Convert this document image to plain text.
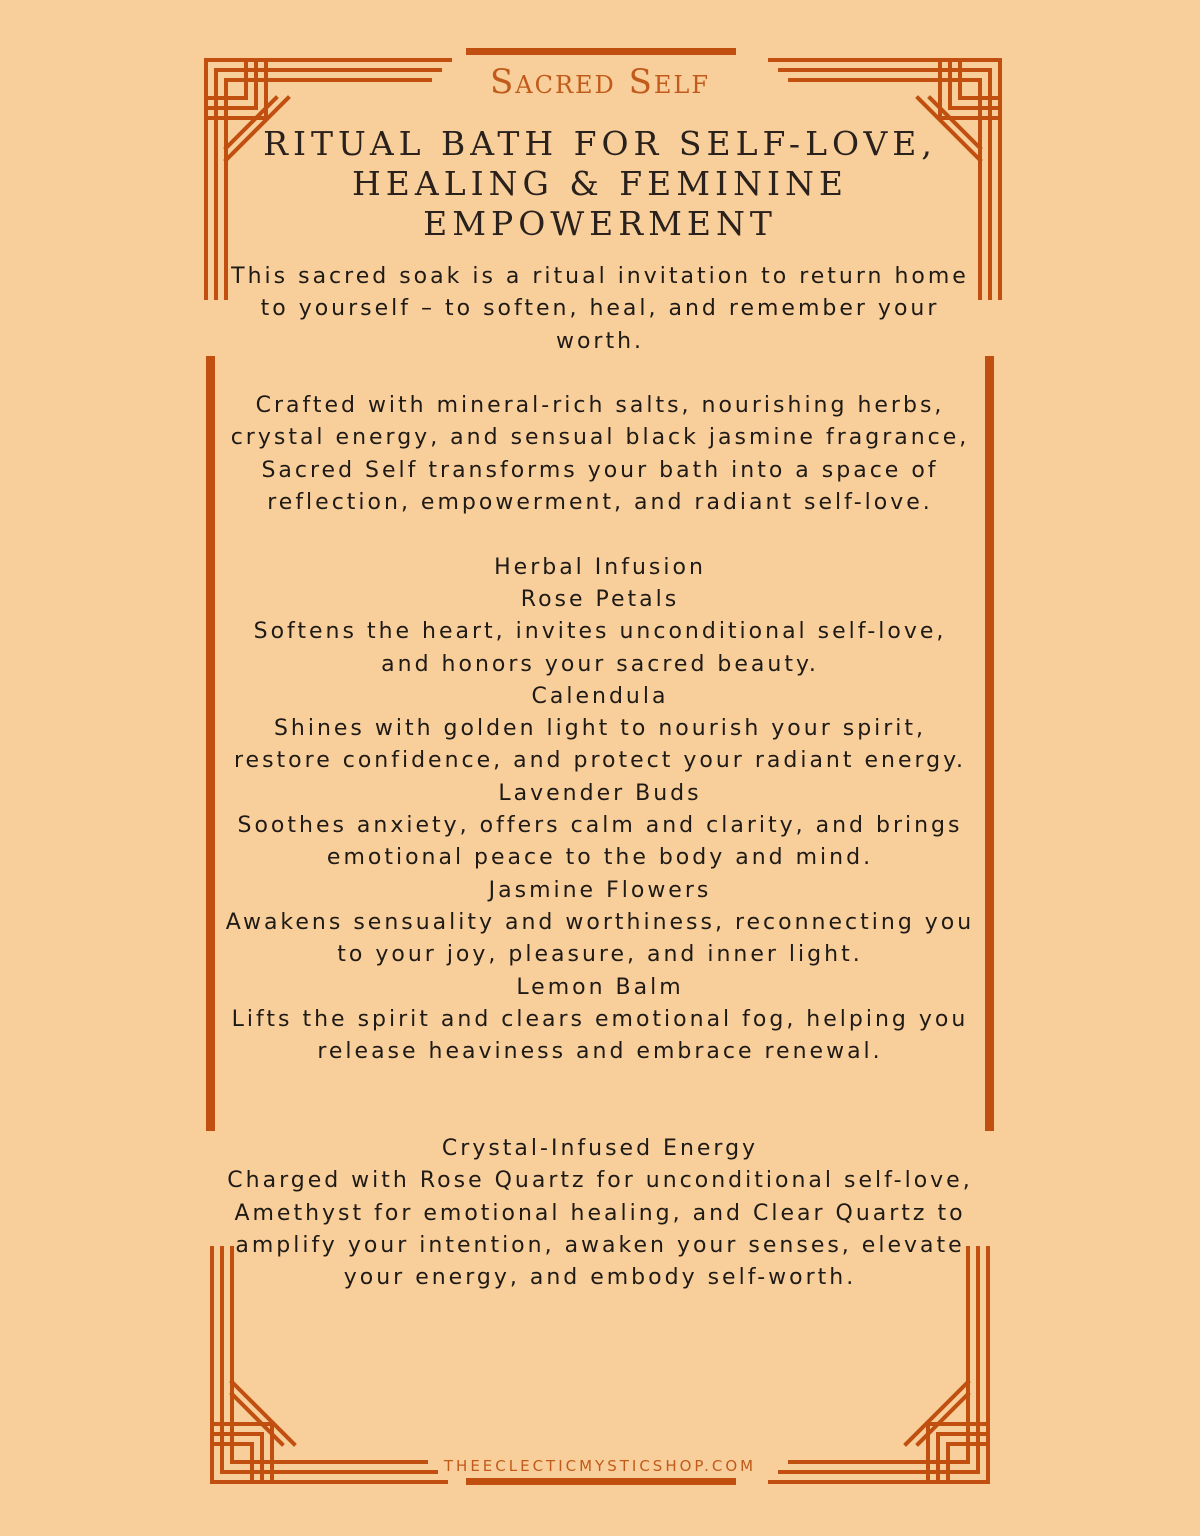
Sacred Self
RITUAL BATH FOR SELF-LOVE, HEALING & FEMININE EMPOWERMENT

This sacred soak is a ritual invitation to return home to yourself – to soften, heal, and remember your worth.

Crafted with mineral-rich salts, nourishing herbs, crystal energy, and sensual black jasmine fragrance, Sacred Self transforms your bath into a space of reflection, empowerment, and radiant self-love.

Herbal Infusion

Rose Petals

Softens the heart, invites unconditional self-love, and honors your sacred beauty.

Calendula

Shines with golden light to nourish your spirit, restore confidence, and protect your radiant energy.

Lavender Buds

Soothes anxiety, offers calm and clarity, and brings emotional peace to the body and mind.

Jasmine Flowers

Awakens sensuality and worthiness, reconnecting you to your joy, pleasure, and inner light.

Lemon Balm

Lifts the spirit and clears emotional fog, helping you release heaviness and embrace renewal.

Crystal-Infused Energy

Charged with Rose Quartz for unconditional self-love, Amethyst for emotional healing, and Clear Quartz to amplify your intention, awaken your senses, elevate your energy, and embody self-worth.

THEECLECTICMYSTICSHOP.COM
